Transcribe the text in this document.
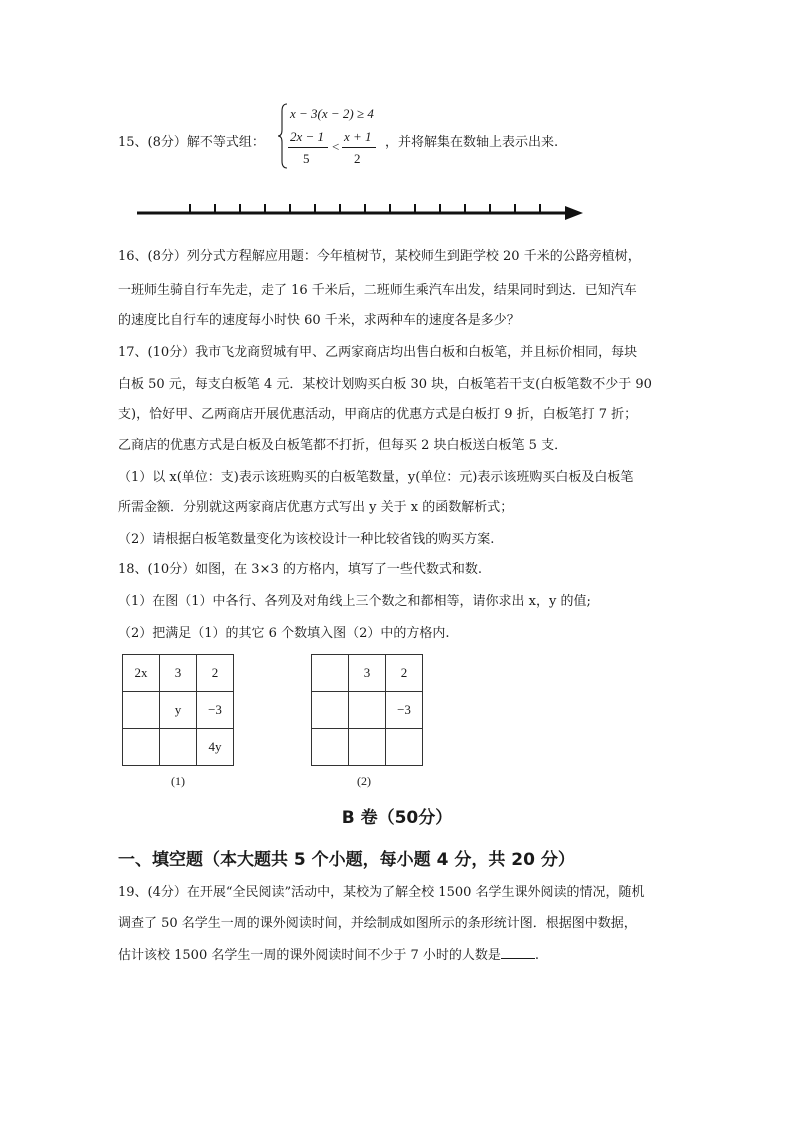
15、(8分）解不等式组：
x − 3(x − 2) ≥ 4
2x − 1
5
<
x + 1
2
，并将解集在数轴上表示出来.
16、(8分）列分式方程解应用题：今年植树节，某校师生到距学校 20 千米的公路旁植树，
一班师生骑自行车先走，走了 16 千米后，二班师生乘汽车出发，结果同时到达．已知汽车
的速度比自行车的速度每小时快 60 千米，求两种车的速度各是多少？
17、(10分）我市飞龙商贸城有甲、乙两家商店均出售白板和白板笔，并且标价相同，每块
白板 50 元，每支白板笔 4 元．某校计划购买白板 30 块，白板笔若干支(白板笔数不少于 90
支)，恰好甲、乙两商店开展优惠活动，甲商店的优惠方式是白板打 9 折，白板笔打 7 折；
乙商店的优惠方式是白板及白板笔都不打折，但每买 2 块白板送白板笔 5 支．
（1）以 x(单位：支)表示该班购买的白板笔数量，y(单位：元)表示该班购买白板及白板笔
所需金额．分别就这两家商店优惠方式写出 y 关于 x 的函数解析式；
（2）请根据白板笔数量变化为该校设计一种比较省钱的购买方案.
18、(10分）如图，在 3×3 的方格内，填写了一些代数式和数.
（1）在图（1）中各行、各列及对角线上三个数之和都相等，请你求出 x，y 的值;
（2）把满足（1）的其它 6 个数填入图（2）中的方格内.
2x	3	2
	y	−3
		4y
(1)
	3	2
		−3

(2)
B 卷（50分）
一、填空题（本大题共 5 个小题，每小题 4 分，共 20 分）
19、(4分）在开展“全民阅读”活动中，某校为了解全校 1500 名学生课外阅读的情况，随机
调查了 50 名学生一周的课外阅读时间，并绘制成如图所示的条形统计图．根据图中数据，
估计该校 1500 名学生一周的课外阅读时间不少于 7 小时的人数是	.
